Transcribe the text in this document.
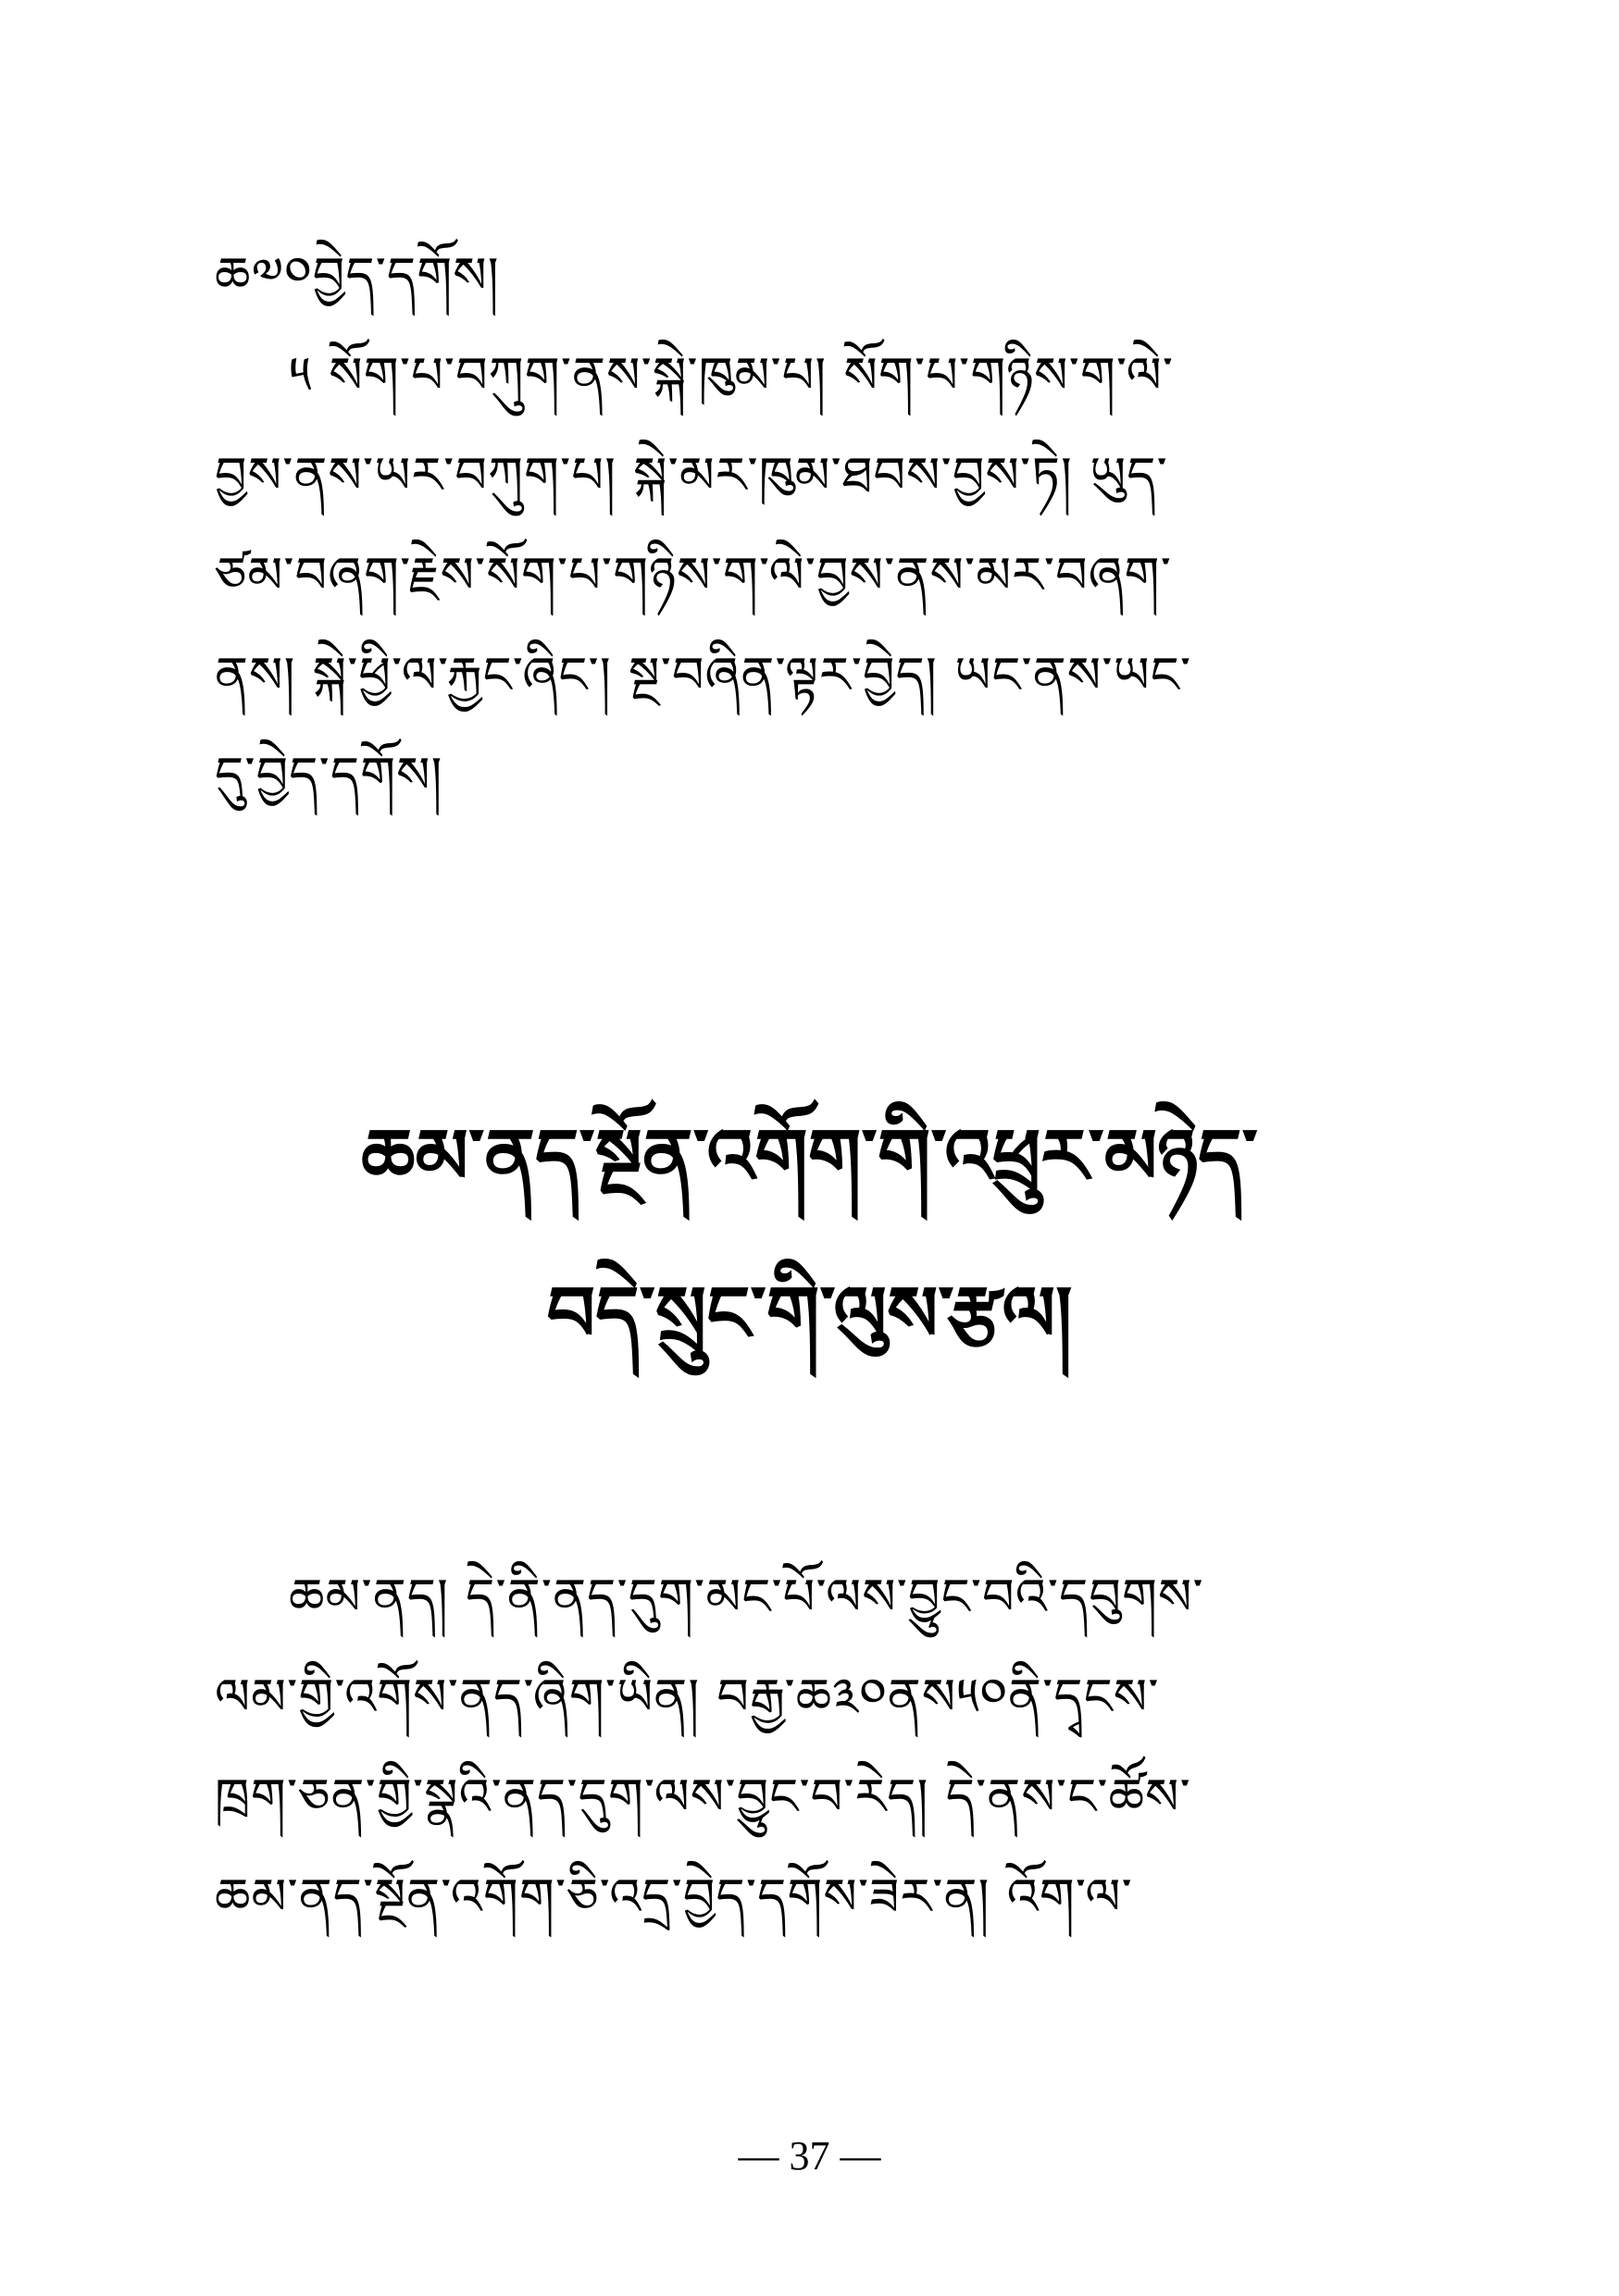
ཆ༧༠བྱེད་དགོས།
༥ སོག་པ་བཀུག་ནས་སྐེ་ཁུམ་པ། སོག་པ་གཉིས་ག་ལེ་
བྱས་ནས་ཡར་བཀུག་པ། སྐེ་མར་ཁུམ་ཐབས་བྱས་ཏེ། ཡུད་
ཙམ་བཞག་རྗེས་སོག་པ་གཉིས་ག་ལེ་བྱས་ནས་མར་བཞག་
ནས། སྐེ་ཕྱི་ལ་རྐྱང་ཞིང་། སྔ་བཞིན་ལྟར་བྱེད། ཡང་ནས་ཡང་
དུ་བྱེད་དགོས།
ཆམ་ནད་སྔོན་འགོག་གི་འཕྲུར་མཉེད་
བདེ་སྲུང་གི་ལུས་རྩལ།
ཆམ་ནད། དེ་ནི་ནད་དུག་མང་པོ་ལས་བྱུང་བའི་དབུགས་
ལམ་གྱི་འགོས་ནད་ཞིག་ཡིན། བརྒྱ་ཆ༣༠ནས༥༠ནི་དྭངས་
ཁྲག་ཅན་གྱི་སྣའི་ནད་དུག་ལས་བྱུང་བ་རེད། དེ་ནས་ང་ཚོས་
ཆམ་ནད་སྔོན་འགོག་ཅི་འདྲ་བྱེད་དགོས་ཟེར་ན། འོག་ལ་
— 37 —
